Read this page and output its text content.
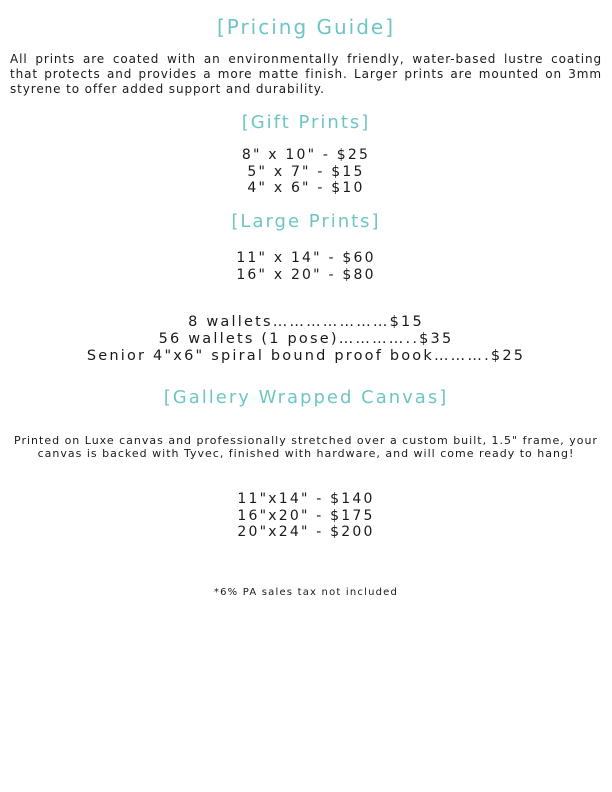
[Pricing Guide]

All prints are coated with an environmentally friendly, water-based lustre coating that protects and provides a more matte finish. Larger prints are mounted on 3mm styrene to offer added support and durability.

[Gift Prints]
8" x 10" - $25
5" x 7" - $15
4" x 6" - $10
[Large Prints]
11" x 14" - $60
16" x 20" - $80
8 wallets…………………$15
56 wallets (1 pose)…………..$35
Senior 4"x6" spiral bound proof book……….$25
[Gallery Wrapped Canvas]

Printed on Luxe canvas and professionally stretched over a custom built, 1.5" frame, your canvas is backed with Tyvec, finished with hardware, and will come ready to hang!

11"x14" - $140
16"x20" - $175
20"x24" - $200

*6% PA sales tax not included
